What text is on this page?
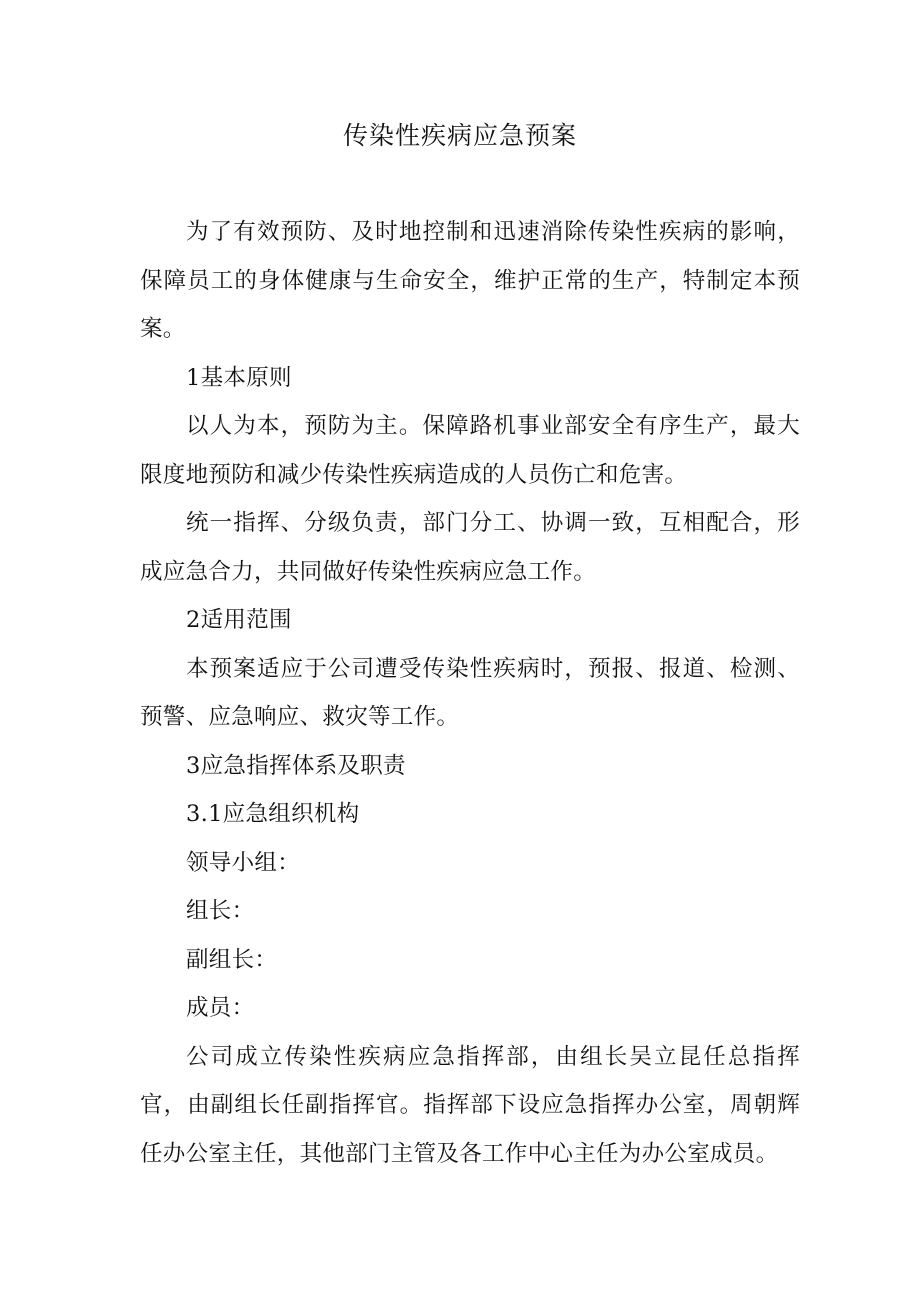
传染性疾病应急预案

为了有效预防、及时地控制和迅速消除传染性疾病的影响，保障员工的身体健康与生命安全，维护正常的生产，特制定本预案。

1基本原则

以人为本，预防为主。保障路机事业部安全有序生产，最大限度地预防和减少传染性疾病造成的人员伤亡和危害。

统一指挥、分级负责，部门分工、协调一致，互相配合，形成应急合力，共同做好传染性疾病应急工作。

2适用范围

本预案适应于公司遭受传染性疾病时，预报、报道、检测、预警、应急响应、救灾等工作。

3应急指挥体系及职责

3.1应急组织机构

领导小组：

组长：

副组长：

成员：

公司成立传染性疾病应急指挥部，由组长吴立昆任总指挥官，由副组长任副指挥官。指挥部下设应急指挥办公室，周朝辉任办公室主任，其他部门主管及各工作中心主任为办公室成员。
